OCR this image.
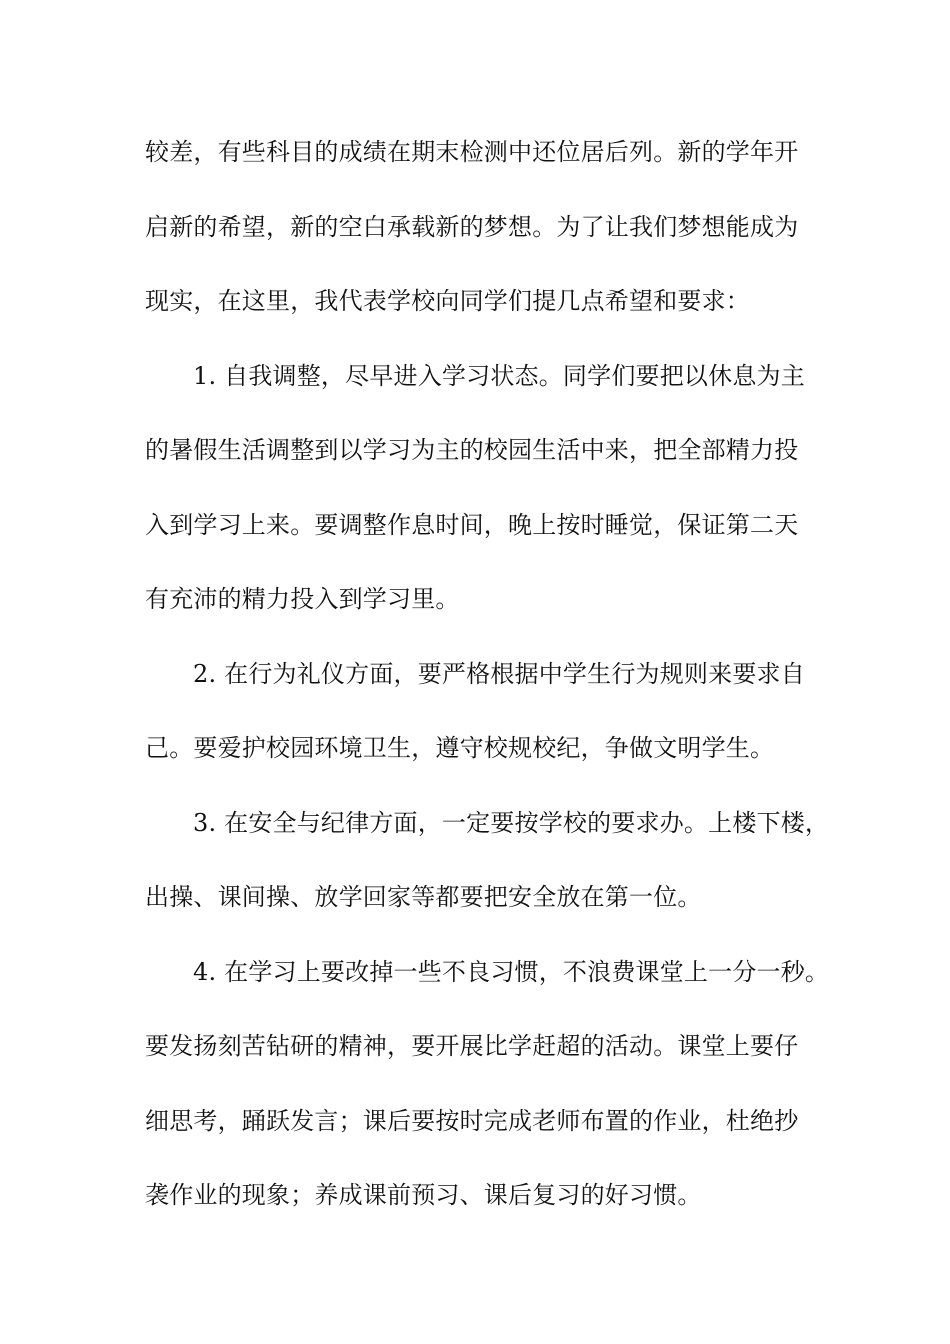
较差，有些科目的成绩在期末检测中还位居后列。新的学年开
启新的希望，新的空白承载新的梦想。为了让我们梦想能成为
现实，在这里，我代表学校向同学们提几点希望和要求：
1. 自我调整，尽早进入学习状态。同学们要把以休息为主
的暑假生活调整到以学习为主的校园生活中来，把全部精力投
入到学习上来。要调整作息时间，晚上按时睡觉，保证第二天
有充沛的精力投入到学习里。
2. 在行为礼仪方面，要严格根据中学生行为规则来要求自
己。要爱护校园环境卫生，遵守校规校纪，争做文明学生。
3. 在安全与纪律方面，一定要按学校的要求办。上楼下楼，
出操、课间操、放学回家等都要把安全放在第一位。
4. 在学习上要改掉一些不良习惯，不浪费课堂上一分一秒。
要发扬刻苦钻研的精神，要开展比学赶超的活动。课堂上要仔
细思考，踊跃发言；课后要按时完成老师布置的作业，杜绝抄
袭作业的现象；养成课前预习、课后复习的好习惯。
